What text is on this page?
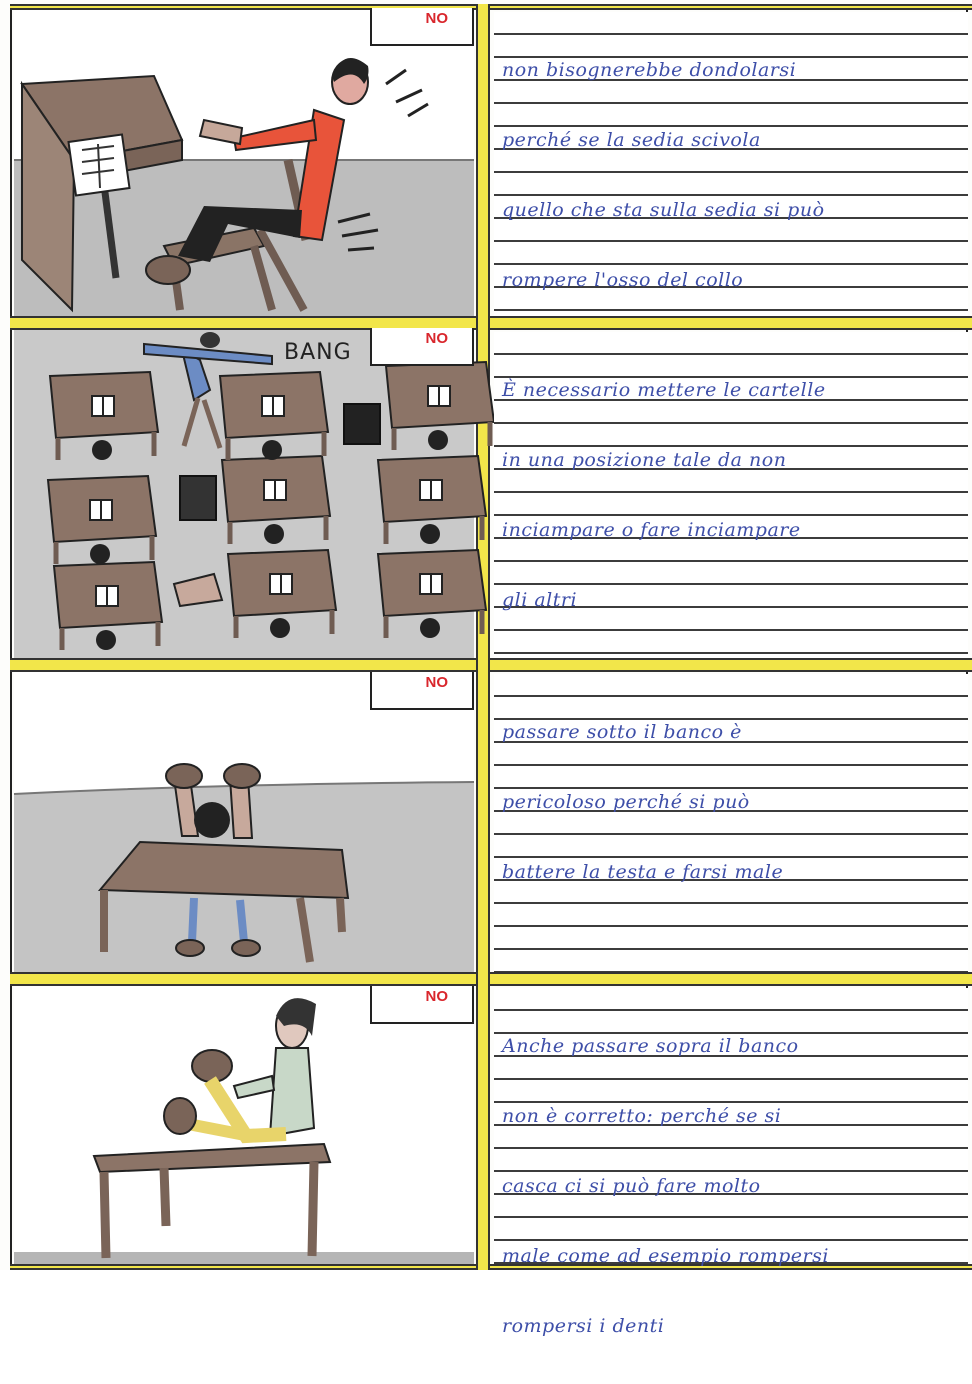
NO
BANG
NO
NO
NO

non bisognerebbe dondolarsi

perché se la sedia scivola

quello che sta sulla sedia si può

rompere l'osso del collo

È necessario mettere le cartelle

in una posizione tale da non

inciampare o fare inciampare

gli altri

passare sotto il banco è

pericoloso perché si può

battere la testa e farsi male

Anche passare sopra il banco

non è corretto: perché se si

casca ci si può fare molto

male come ad esempio rompersi

rompersi i denti
